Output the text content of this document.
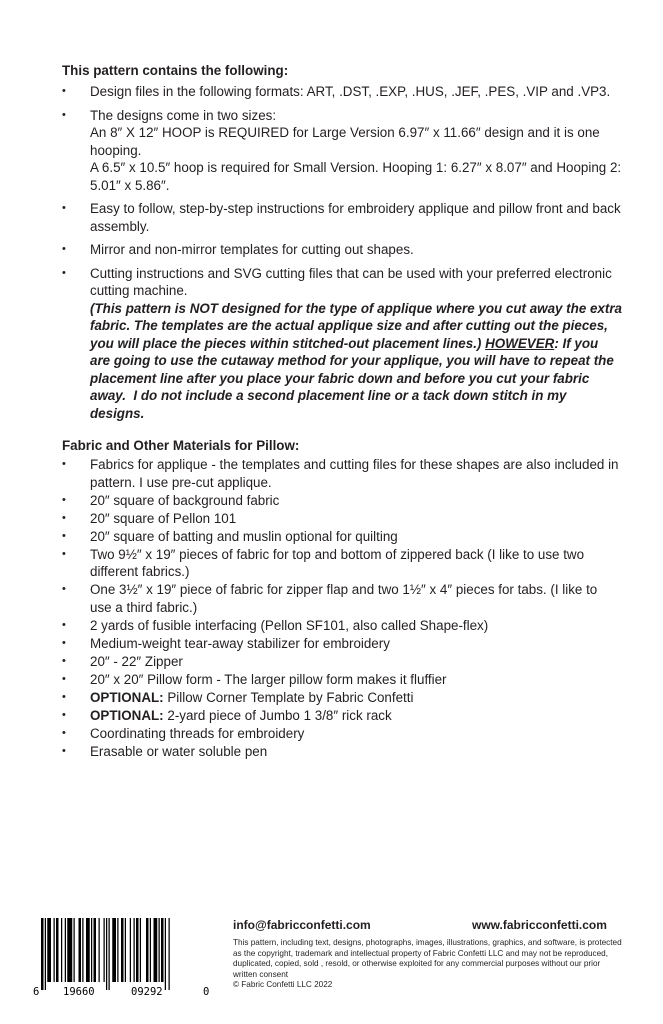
This pattern contains the following:
• Design files in the following formats: ART, .DST, .EXP, .HUS, .JEF, .PES, .VIP and .VP3.
• The designs come in two sizes:
An 8″ X 12″ HOOP is REQUIRED for Large Version 6.97″ x 11.66″ design and it is one hooping.
A 6.5″ x 10.5″ hoop is required for Small Version. Hooping 1: 6.27″ x 8.07″ and Hooping 2: 5.01″ x 5.86″.
• Easy to follow, step-by-step instructions for embroidery applique and pillow front and back assembly.
• Mirror and non-mirror templates for cutting out shapes.
• Cutting instructions and SVG cutting files that can be used with your preferred electronic cutting machine.
(This pattern is NOT designed for the type of applique where you cut away the extra fabric. The templates are the actual applique size and after cutting out the pieces, you will place the pieces within stitched-out placement lines.) HOWEVER: If you are going to use the cutaway method for your applique, you will have to repeat the placement line after you place your fabric down and before you cut your fabric away.  I do not include a second placement line or a tack down stitch in my designs.
Fabric and Other Materials for Pillow:
• Fabrics for applique - the templates and cutting files for these shapes are also included in pattern. I use pre-cut applique.
• 20″ square of background fabric
• 20″ square of Pellon 101
• 20″ square of batting and muslin optional for quilting
• Two 9½″ x 19″ pieces of fabric for top and bottom of zippered back (I like to use two different fabrics.)
• One 3½″ x 19″ piece of fabric for zipper flap and two 1½″ x 4″ pieces for tabs. (I like to use a third fabric.)
• 2 yards of fusible interfacing (Pellon SF101, also called Shape-flex)
• Medium-weight tear-away stabilizer for embroidery
• 20″ - 22″ Zipper
• 20″ x 20″ Pillow form - The larger pillow form makes it fluffier
• OPTIONAL: Pillow Corner Template by Fabric Confetti
• OPTIONAL: 2-yard piece of Jumbo 1 3/8″ rick rack
• Coordinating threads for embroidery
• Erasable or water soluble pen
6 19660	09292	0
info@fabricconfetti.com	www.fabricconfetti.com

This pattern, including text, designs, photographs, images, illustrations, graphics, and software, is protected as the copyright, trademark and intellectual property of Fabric Confetti LLC and may not be reproduced, duplicated, copied, sold , resold, or otherwise exploited for any commercial purposes without our prior written consent
© Fabric Confetti LLC 2022
